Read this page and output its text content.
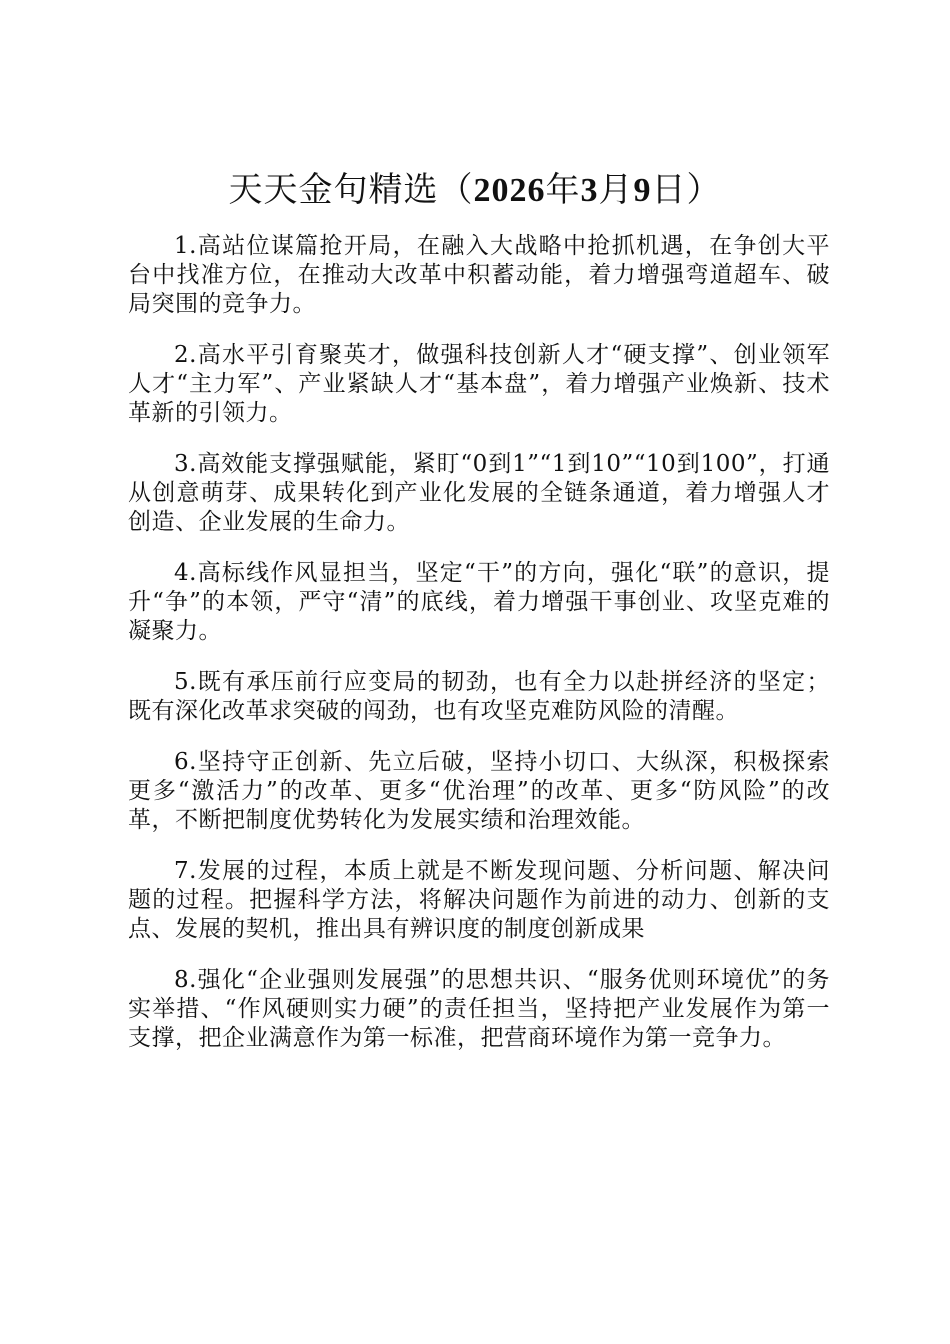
天天金句精选（2026年3月9日）

1.高站位谋篇抢开局，在融入大战略中抢抓机遇，在争创大平台中找准方位，在推动大改革中积蓄动能，着力增强弯道超车、破局突围的竞争力。

2.高水平引育聚英才，做强科技创新人才“硬支撑”、创业领军人才“主力军”、产业紧缺人才“基本盘”，着力增强产业焕新、技术革新的引领力。

3.高效能支撑强赋能，紧盯“0到1”“1到10”“10到100”，打通从创意萌芽、成果转化到产业化发展的全链条通道，着力增强人才创造、企业发展的生命力。

4.高标线作风显担当，坚定“干”的方向，强化“联”的意识，提升“争”的本领，严守“清”的底线，着力增强干事创业、攻坚克难的凝聚力。

5.既有承压前行应变局的韧劲，也有全力以赴拼经济的坚定；既有深化改革求突破的闯劲，也有攻坚克难防风险的清醒。

6.坚持守正创新、先立后破，坚持小切口、大纵深，积极探索更多“激活力”的改革、更多“优治理”的改革、更多“防风险”的改革，不断把制度优势转化为发展实绩和治理效能。

7.发展的过程，本质上就是不断发现问题、分析问题、解决问题的过程。把握科学方法，将解决问题作为前进的动力、创新的支点、发展的契机，推出具有辨识度的制度创新成果

8.强化“企业强则发展强”的思想共识、“服务优则环境优”的务实举措、“作风硬则实力硬”的责任担当，坚持把产业发展作为第一支撑，把企业满意作为第一标准，把营商环境作为第一竞争力。
